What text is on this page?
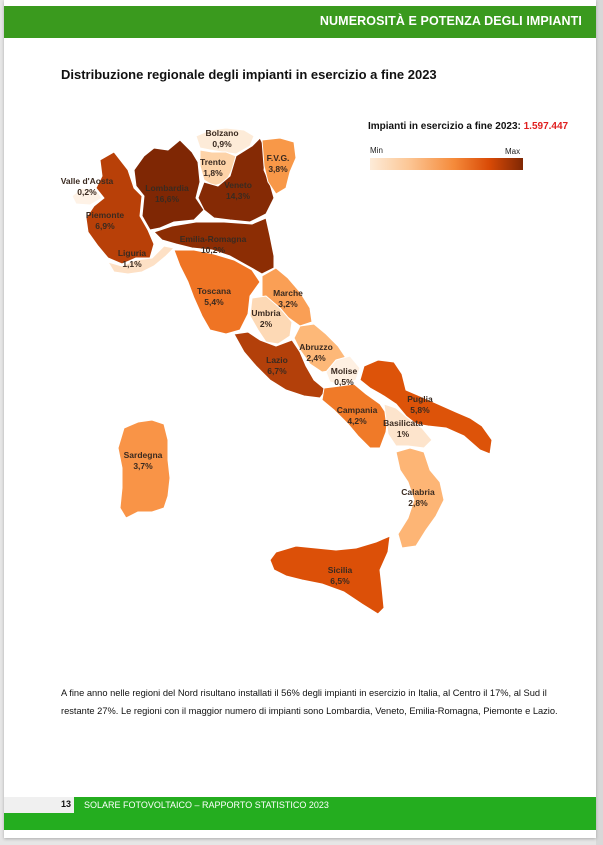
NUMEROSITÀ E POTENZA DEGLI IMPIANTI
Distribuzione regionale degli impianti in esercizio a fine 2023
Impianti in esercizio a fine 2023: 1.597.447
Min	Max
Bolzano
0,9%
Trento
1,8%
F.V.G.
3,8%
Valle d'Aosta
0,2%	Lombardia
16,6%
Veneto
14,3%
Piemonte
6,9%
Emilia-Romagna
10,2%
Liguria
1,1%
Toscana
5,4%
Marche
3,2%
Umbria
2%
Abruzzo
2,4%
Lazio
6,7%	Molise
0,5%
Puglia
5,8%
Campania
4,2%	Basilicata
1%
Sardegna
3,7%
Calabria
2,8%
Sicilia
6,5%
A fine anno nelle regioni del Nord risultano installati il 56% degli impianti in esercizio in Italia, al Centro il 17%, al Sud il restante 27%. Le regioni con il maggior numero di impianti sono Lombardia, Veneto, Emilia-Romagna, Piemonte e Lazio.
13 SOLARE FOTOVOLTAICO – RAPPORTO STATISTICO 2023
